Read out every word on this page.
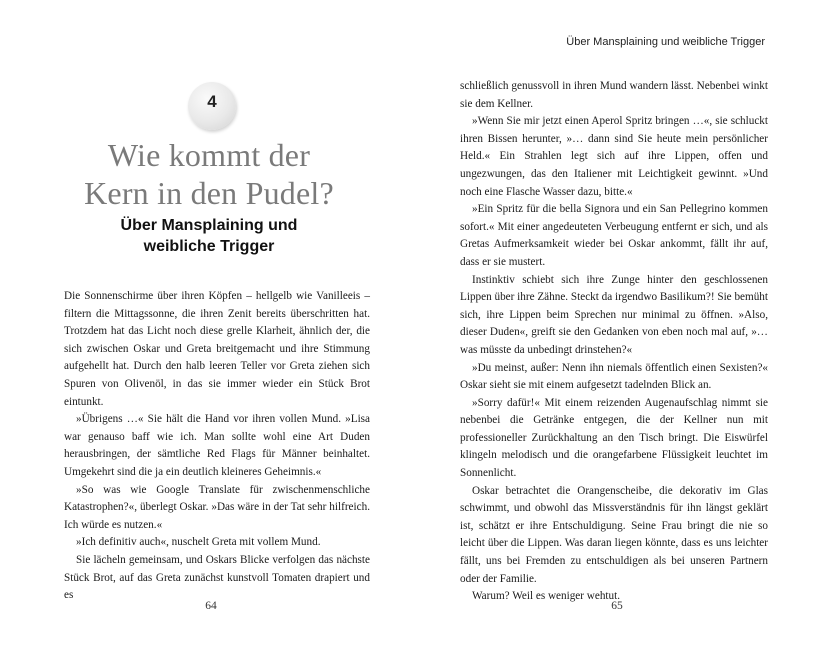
4
Wie kommt der
Kern in den Pudel?
Über Mansplaining und
weibliche Trigger

Die Sonnenschirme über ihren Köpfen – hellgelb wie Vanilleeis – filtern die Mittagssonne, die ihren Zenit bereits überschritten hat. Trotzdem hat das Licht noch diese grelle Klarheit, ähnlich der, die sich zwischen Oskar und Greta breitgemacht und ihre Stimmung aufgehellt hat. Durch den halb leeren Teller vor Greta ziehen sich Spuren von Olivenöl, in das sie immer wieder ein Stück Brot eintunkt.

»Übrigens …« Sie hält die Hand vor ihren vollen Mund. »Lisa war genauso baff wie ich. Man sollte wohl eine Art Duden herausbringen, der sämtliche Red Flags für Männer beinhaltet. Umgekehrt sind die ja ein deutlich kleineres Geheimnis.«

»So was wie Google Translate für zwischenmenschliche Katastrophen?«, überlegt Oskar. »Das wäre in der Tat sehr hilfreich. Ich würde es nutzen.«

»Ich definitiv auch«, nuschelt Greta mit vollem Mund.

Sie lächeln gemeinsam, und Oskars Blicke verfolgen das nächste Stück Brot, auf das Greta zunächst kunstvoll Tomaten drapiert und es

64

schließlich genussvoll in ihren Mund wandern lässt. Nebenbei winkt sie dem Kellner.

»Wenn Sie mir jetzt einen Aperol Spritz bringen …«, sie schluckt ihren Bissen herunter, »… dann sind Sie heute mein persönlicher Held.« Ein Strahlen legt sich auf ihre Lippen, offen und ungezwungen, das den Italiener mit Leichtigkeit gewinnt. »Und noch eine Flasche Wasser dazu, bitte.«

»Ein Spritz für die bella Signora und ein San Pellegrino kommen sofort.« Mit einer angedeuteten Verbeugung entfernt er sich, und als Gretas Aufmerksamkeit wieder bei Oskar ankommt, fällt ihr auf, dass er sie mustert.

Instinktiv schiebt sich ihre Zunge hinter den geschlossenen Lippen über ihre Zähne. Steckt da irgendwo Basilikum?! Sie bemüht sich, ihre Lippen beim Sprechen nur minimal zu öffnen. »Also, dieser Duden«, greift sie den Gedanken von eben noch mal auf, »… was müsste da unbedingt drinstehen?«

»Du meinst, außer: Nenn ihn niemals öffentlich einen Sexisten?« Oskar sieht sie mit einem aufgesetzt tadelnden Blick an.

»Sorry dafür!« Mit einem reizenden Augenaufschlag nimmt sie nebenbei die Getränke entgegen, die der Kellner nun mit professioneller Zurückhaltung an den Tisch bringt. Die Eiswürfel klingeln melodisch und die orangefarbene Flüssigkeit leuchtet im Sonnenlicht.

Oskar betrachtet die Orangenscheibe, die dekorativ im Glas schwimmt, und obwohl das Missverständnis für ihn längst geklärt ist, schätzt er ihre Entschuldigung. Seine Frau bringt die nie so leicht über die Lippen. Was daran liegen könnte, dass es uns leichter fällt, uns bei Fremden zu entschuldigen als bei unseren Partnern oder der Familie.

Warum? Weil es weniger wehtut.

65
Über Mansplaining und weibliche Trigger
